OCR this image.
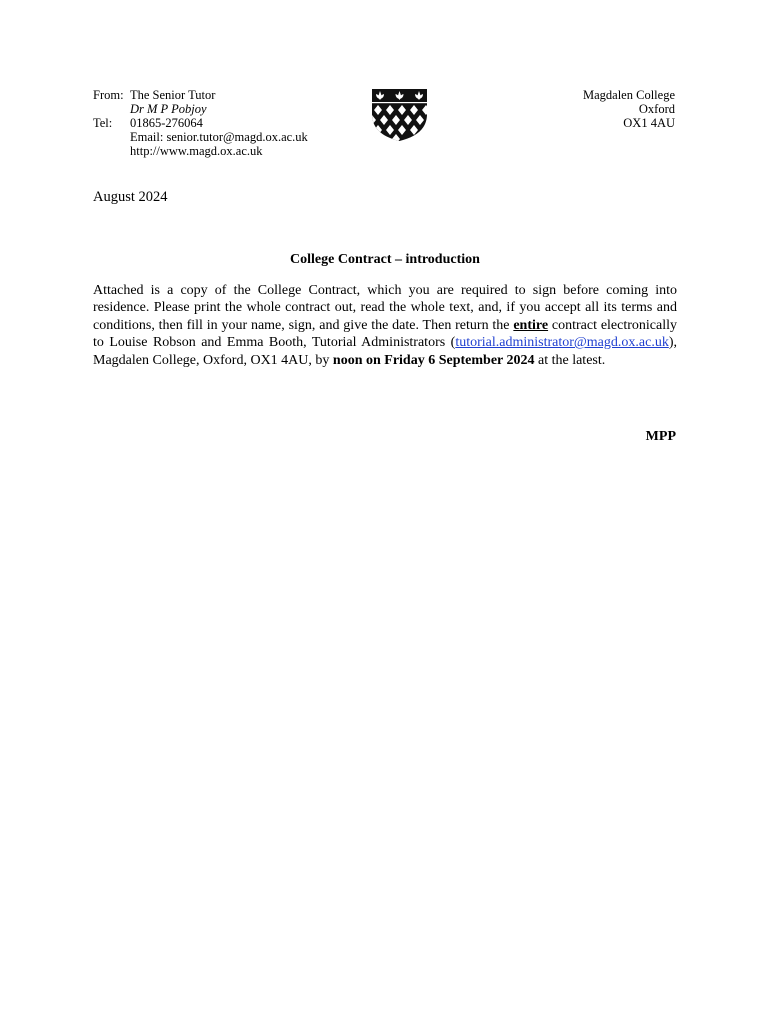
From: The Senior Tutor
Dr M P Pobjoy
Tel:	01865-276064
Email: senior.tutor@magd.ox.ac.uk
http://www.magd.ox.ac.uk
Magdalen College
Oxford
OX1 4AU
August 2024
College Contract – introduction
Attached is a copy of the College Contract, which you are required to sign before coming into residence. Please print the whole contract out, read the whole text, and, if you accept all its terms and conditions, then fill in your name, sign, and give the date. Then return the entire contract electronically to Louise Robson and Emma Booth, Tutorial Administrators (tutorial.administrator@magd.ox.ac.uk), Magdalen College, Oxford, OX1 4AU, by noon on Friday 6 September 2024 at the latest.
MPP
